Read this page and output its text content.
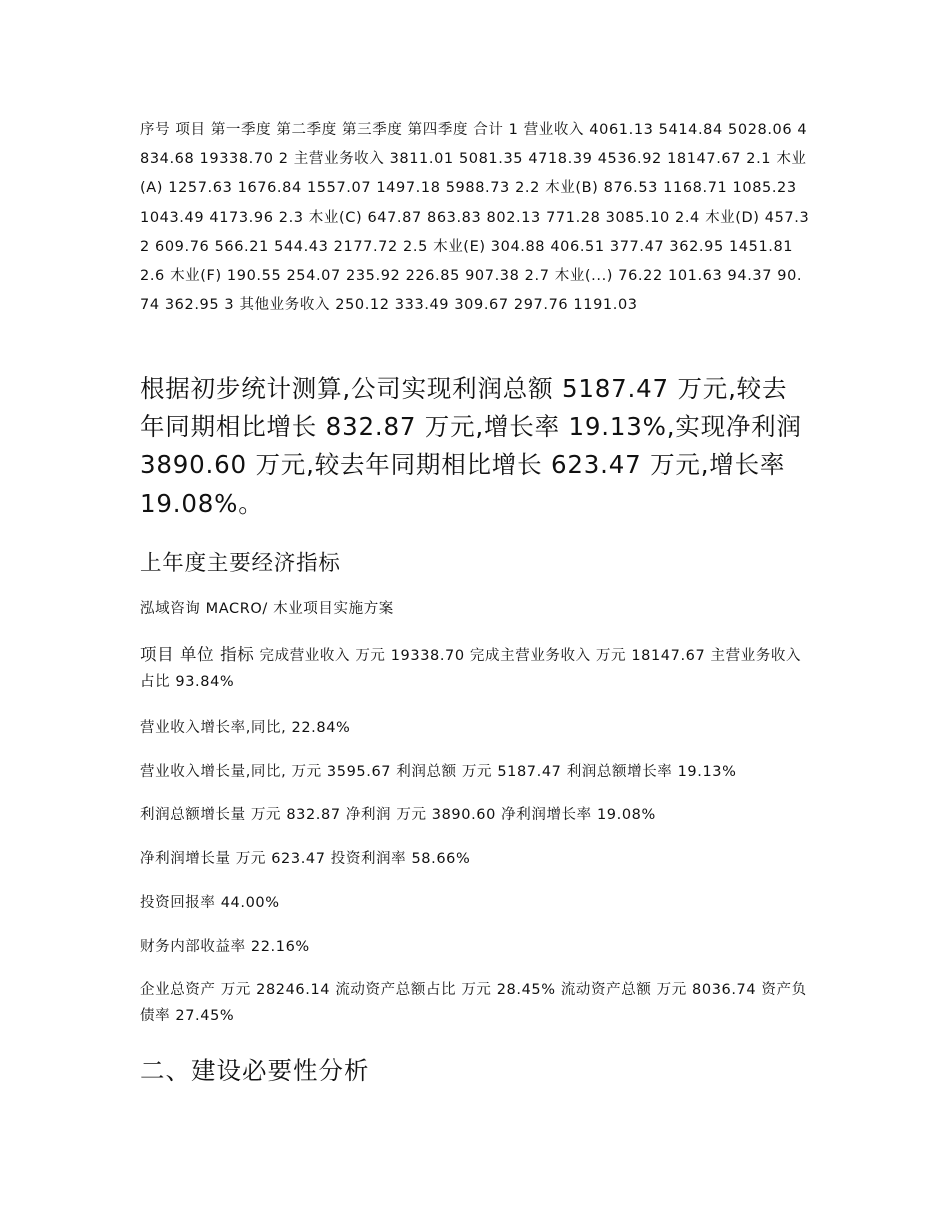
序号 项目 第一季度 第二季度 第三季度 第四季度 合计 1 营业收入 4061.13 5414.84 5028.06 4834.68 19338.70 2 主营业务收入 3811.01 5081.35 4718.39 4536.92 18147.67 2.1 木业(A) 1257.63 1676.84 1557.07 1497.18 5988.73 2.2 木业(B) 876.53 1168.71 1085.23 1043.49 4173.96 2.3 木业(C) 647.87 863.83 802.13 771.28 3085.10 2.4 木业(D) 457.32 609.76 566.21 544.43 2177.72 2.5 木业(E) 304.88 406.51 377.47 362.95 1451.81 2.6 木业(F) 190.55 254.07 235.92 226.85 907.38 2.7 木业(...) 76.22 101.63 94.37 90.74 362.95 3 其他业务收入 250.12 333.49 309.67 297.76 1191.03
根据初步统计测算,公司实现利润总额 5187.47 万元,较去年同期相比增长 832.87 万元,增长率 19.13%,实现净利润 3890.60 万元,较去年同期相比增长 623.47 万元,增长率 19.08%。
上年度主要经济指标
泓域咨询 MACRO/ 木业项目实施方案
项目 单位 指标 完成营业收入 万元 19338.70 完成主营业务收入 万元 18147.67 主营业务收入占比 93.84%
营业收入增长率,同比, 22.84%
营业收入增长量,同比, 万元 3595.67 利润总额 万元 5187.47 利润总额增长率 19.13%
利润总额增长量 万元 832.87 净利润 万元 3890.60 净利润增长率 19.08%
净利润增长量 万元 623.47 投资利润率 58.66%
投资回报率 44.00%
财务内部收益率 22.16%
企业总资产 万元 28246.14 流动资产总额占比 万元 28.45% 流动资产总额 万元 8036.74 资产负债率 27.45%
二、建设必要性分析
